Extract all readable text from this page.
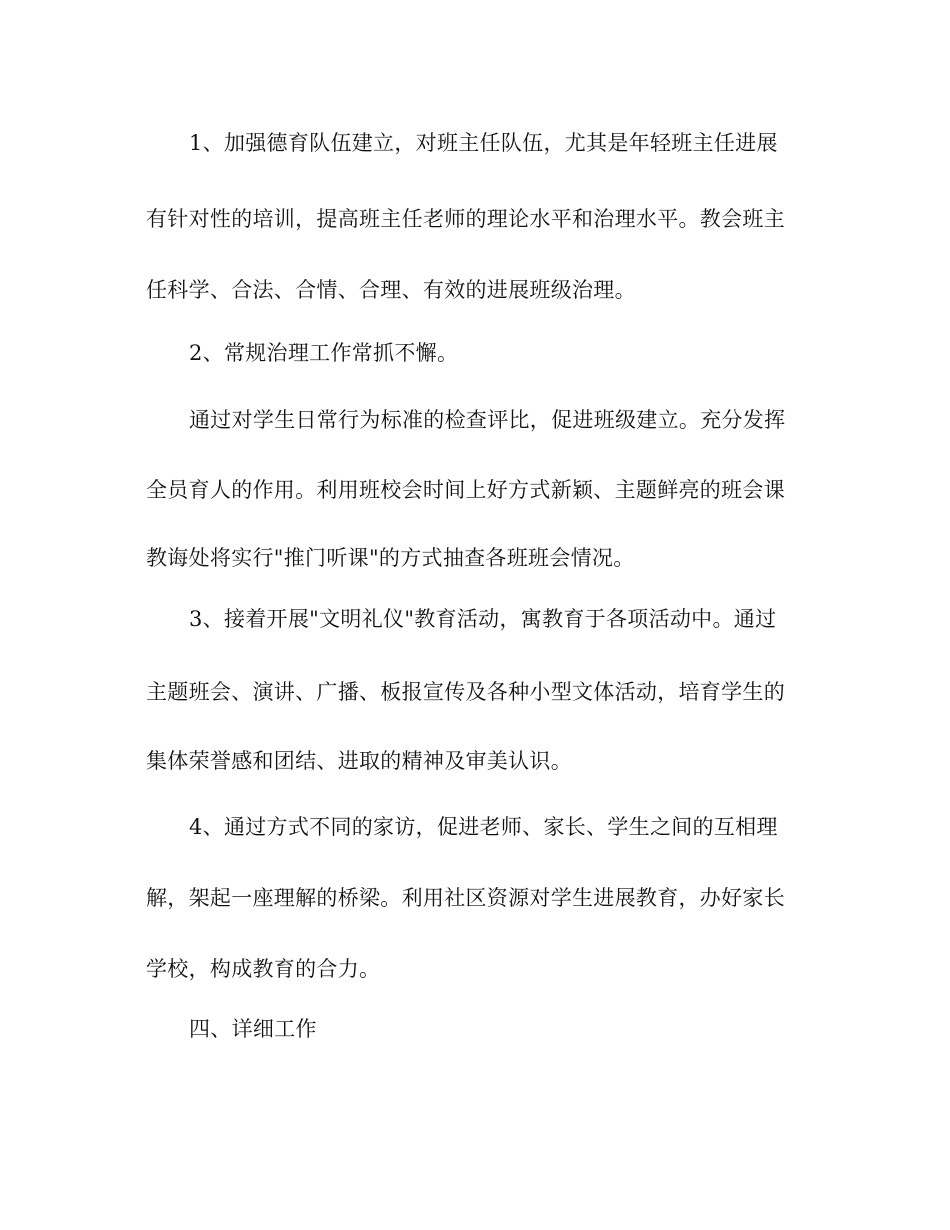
1、加强德育队伍建立，对班主任队伍，尤其是年轻班主任进展
有针对性的培训，提高班主任老师的理论水平和治理水平。教会班主
任科学、合法、合情、合理、有效的进展班级治理。
2、常规治理工作常抓不懈。
通过对学生日常行为标准的检查评比，促进班级建立。充分发挥
全员育人的作用。利用班校会时间上好方式新颖、主题鲜亮的班会课
教诲处将实行"推门听课"的方式抽查各班班会情况。
3、接着开展"文明礼仪"教育活动，寓教育于各项活动中。通过
主题班会、演讲、广播、板报宣传及各种小型文体活动，培育学生的
集体荣誉感和团结、进取的精神及审美认识。
4、通过方式不同的家访，促进老师、家长、学生之间的互相理
解，架起一座理解的桥梁。利用社区资源对学生进展教育，办好家长
学校，构成教育的合力。
四、详细工作
